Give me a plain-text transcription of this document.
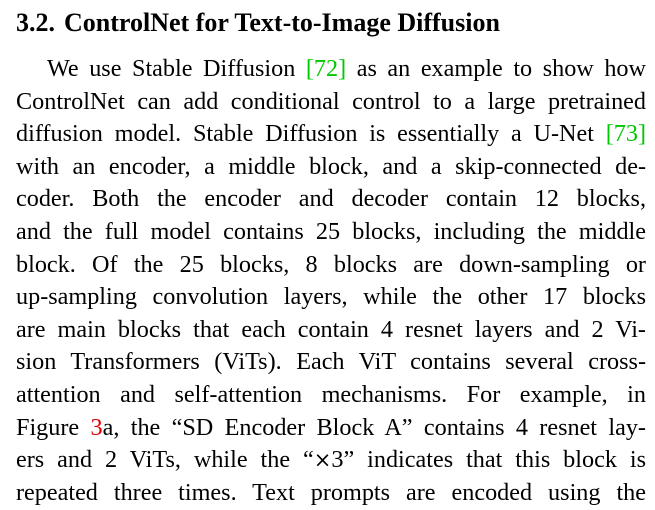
3.2. ControlNet for Text-to-Image Diffusion
We use Stable Diffusion [72] as an example to show how
ControlNet can add conditional control to a large pretrained
diffusion model. Stable Diffusion is essentially a U-Net [73]
with an encoder, a middle block, and a skip-connected de-
coder. Both the encoder and decoder contain 12 blocks,
and the full model contains 25 blocks, including the middle
block. Of the 25 blocks, 8 blocks are down-sampling or
up-sampling convolution layers, while the other 17 blocks
are main blocks that each contain 4 resnet layers and 2 Vi-
sion Transformers (ViTs). Each ViT contains several cross-
attention and self-attention mechanisms. For example, in
Figure 3a, the “SD Encoder Block A” contains 4 resnet lay-
ers and 2 ViTs, while the “×3” indicates that this block is
repeated three times. Text prompts are encoded using the
